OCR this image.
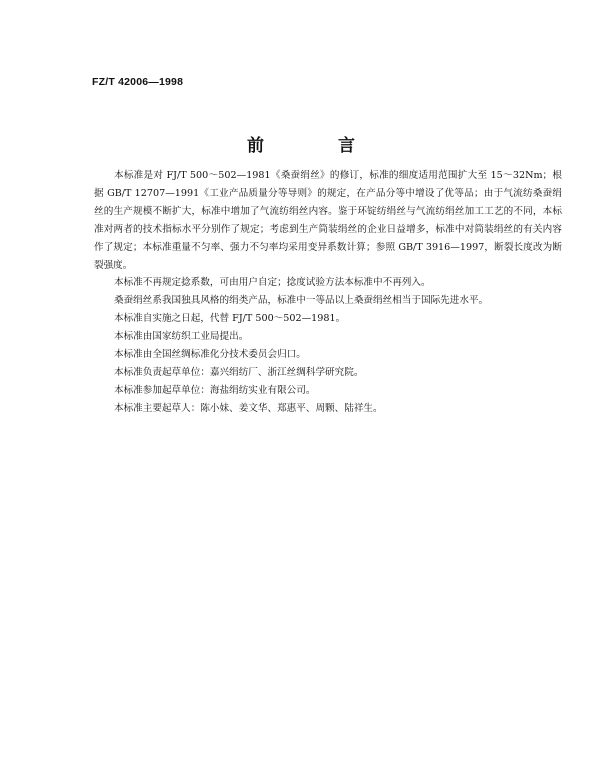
FZ/T 42006—1998
前 言

本标准是对 FJ/T 500～502—1981《桑蚕绢丝》的修订，标准的细度适用范围扩大至 15～32Nm；根据 GB/T 12707—1991《工业产品质量分等导则》的规定，在产品分等中增设了优等品；由于气流纺桑蚕绢丝的生产规模不断扩大，标准中增加了气流纺绢丝内容。鉴于环锭纺绢丝与气流纺绢丝加工工艺的不同，本标准对两者的技术指标水平分别作了规定；考虑到生产筒装绢丝的企业日益增多，标准中对筒装绢丝的有关内容作了规定；本标准重量不匀率、强力不匀率均采用变异系数计算；参照 GB/T 3916—1997，断裂长度改为断裂强度。

本标准不再规定捻系数，可由用户自定；捻度试验方法本标准中不再列入。

桑蚕绢丝系我国独具风格的绢类产品，标准中一等品以上桑蚕绢丝相当于国际先进水平。

本标准自实施之日起，代替 FJ/T 500～502—1981。

本标准由国家纺织工业局提出。

本标准由全国丝绸标准化分技术委员会归口。

本标准负责起草单位：嘉兴绢纺厂、浙江丝绸科学研究院。

本标准参加起草单位：海盐绢纺实业有限公司。

本标准主要起草人：陈小妹、姜文华、郑惠平、周颗、陆祥生。
